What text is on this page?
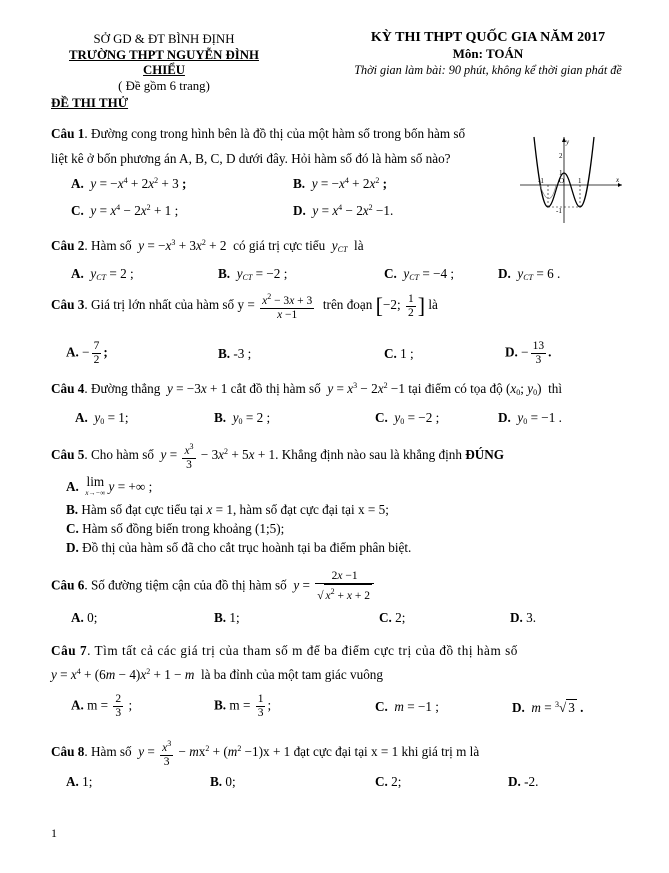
SỞ GD & ĐT BÌNH ĐỊNH
TRƯỜNG THPT NGUYỄN ĐÌNH CHIỂU
( Đề gồm 6 trang)
KỲ THI THPT QUỐC GIA NĂM 2017
Môn: TOÁN
Thời gian làm bài: 90 phút, không kể thời gian phát đề
ĐỀ THI THỬ
Câu 1. Đường cong trong hình bên là đồ thị của một hàm số trong bốn hàm số
liệt kê ở bốn phương án A, B, C, D dưới đây. Hỏi hàm số đó là hàm số nào?
A. $y = -x^4 + 2x^2 + 3$ ;	B. $y = -x^4 + 2x^2$ ;
C. $y = x^4 - 2x^2 + 1$ ;	D. $y = x^4 - 2x^2 -1$.
y
x
2
1
-1 O 1
-1
Câu 2. Hàm số $y = -x^3 + 3x^2 + 2$  có giá trị cực tiểu $y_{CT}$ là
A. $y_{CT} = 2$ ;	B. $y_{CT} = -2$ ;	C. $y_{CT} = -4$ ;	D. $y_{CT} = 6$ .
Câu 3. Giá trị lớn nhất của hàm số $y = \frac{x^2 - 3x + 3}{x -1}$ trên đoạn [−2; $\frac{1}{2}$ ] là
A. − $\frac{7}{2}$ ;	B. -3 ;	C. 1 ;	D. − $\frac{13}{3}$ .
Câu 4. Đường thẳng y = −3x + 1 cắt đồ thị hàm số $y = x^3 - 2x^2 -1$ tại điểm có tọa độ ($x_0$; $y_0$)  thì
A. $y_0 = 1$;	B. $y_0 = 2$ ;	C. $y_0 = -2$ ;	D. $y_0 = -1$ .
Câu 5. Cho hàm số $y = \frac{x^3}{3} - 3x^2 + 5x + 1$. Khẳng định nào sau là khẳng định ĐÚNG
A. lim
x→−∞ y = +∞ ;
B. Hàm số đạt cực tiểu tại x = 1, hàm số đạt cực đại tại x = 5;
C. Hàm số đồng biến trong khoảng (1;5);
D. Đồ thị của hàm số đã cho cắt trục hoành tại ba điểm phân biệt.
Câu 6. Số đường tiệm cận của đồ thị hàm số $y = \frac{2x -1}{√ x^2 + x + 2}$
A. 0;	B. 1;	C. 2;	D. 3.
Câu 7. Tìm tất cả các giá trị của tham số m để ba điểm cực trị của đồ thị hàm số
$y = x^4 + (6m - 4)x^2 + 1 - m$ là ba đỉnh của một tam giác vuông
A. $m = \frac{2}{3}$ ;	B. $m = \frac{1}{3}$ ;	C. m = −1 ;	D. m = $^3$√ 3 .
Câu 8. Hàm số $y = \frac{x^3}{3} - mx^2 + (m^2 -1)x + 1$ đạt cực đại tại x = 1 khi giá trị m là
A. 1;	B. 0;	C. 2;	D. -2.
1
